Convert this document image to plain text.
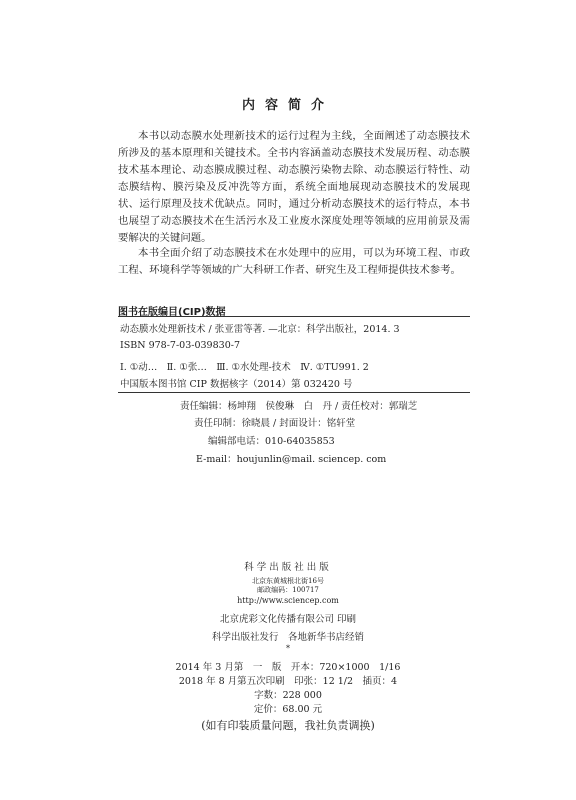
内容简介
本书以动态膜水处理新技术的运行过程为主线，全面阐述了动态膜技术所涉及的基本原理和关键技术。全书内容涵盖动态膜技术发展历程、动态膜技术基本理论、动态膜成膜过程、动态膜污染物去除、动态膜运行特性、动态膜结构、膜污染及反冲洗等方面，系统全面地展现动态膜技术的发展现状、运行原理及技术优缺点。同时，通过分析动态膜技术的运行特点，本书也展望了动态膜技术在生活污水及工业废水深度处理等领域的应用前景及需要解决的关键问题。
本书全面介绍了动态膜技术在水处理中的应用，可以为环境工程、市政工程、环境科学等领域的广大科研工作者、研究生及工程师提供技术参考。
图书在版编目(CIP)数据
动态膜水处理新技术 / 张亚雷等著. —北京：科学出版社，2014. 3
ISBN 978-7-03-039830-7
Ⅰ. ①动…　Ⅱ. ①张…　Ⅲ. ①水处理-技术　Ⅳ. ①TU991. 2
中国版本图书馆 CIP 数据核字（2014）第 032420 号
责任编辑：杨坤翔　侯俊琳　白　丹 / 责任校对：郭瑞芝
责任印制：徐晓晨 / 封面设计：铭轩堂
编辑部电话：010-64035853
E-mail：houjunlin@mail. sciencep. com
科学出版社出版
北京东黄城根北街16号
邮政编码：100717
http://www.sciencep.com
北京虎彩文化传播有限公司 印刷
科学出版社发行　各地新华书店经销
*
2014 年 3 月第　一　版　开本：720×1000　1/16
2018 年 8 月第五次印刷　印张：12 1/2　插页：4
字数：228 000
定价：68.00 元
(如有印装质量问题，我社负责调换)
